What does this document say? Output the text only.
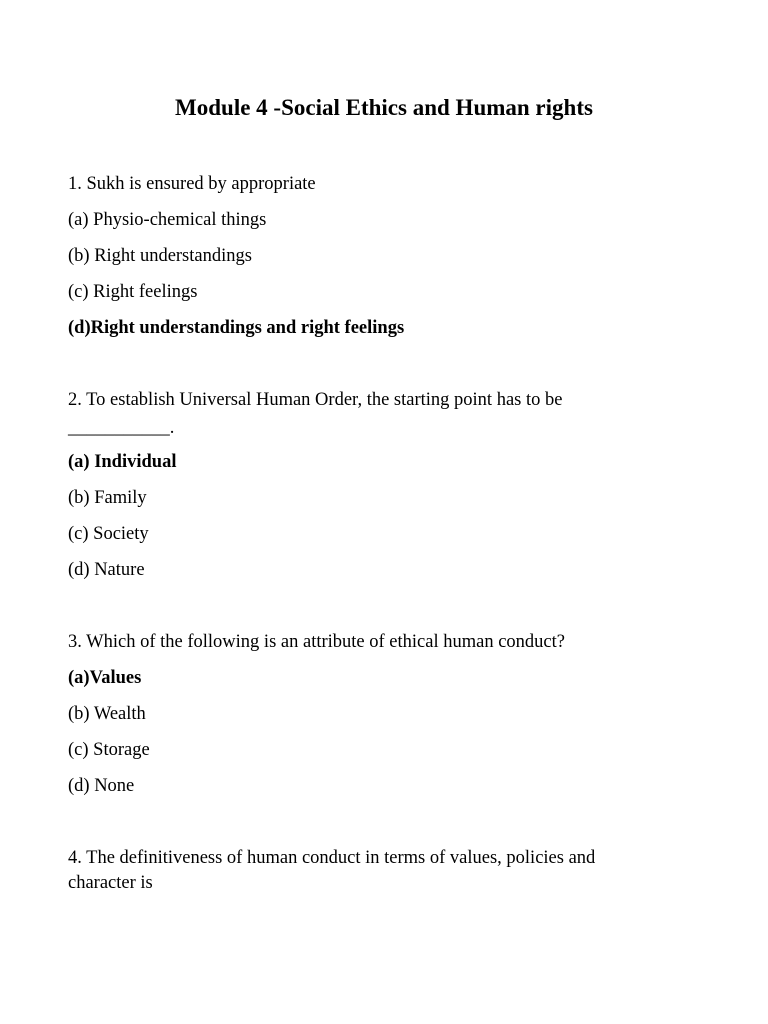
Module 4 -Social Ethics and Human rights
1. Sukh is ensured by appropriate
(a) Physio-chemical things
(b) Right understandings
(c) Right feelings
(d)Right understandings and right feelings
2. To establish Universal Human Order, the starting point has to be
___________.
(a) Individual
(b) Family
(c) Society
(d) Nature
3. Which of the following is an attribute of ethical human conduct?
(a)Values
(b) Wealth
(c) Storage
(d) None
4. The definitiveness of human conduct in terms of values, policies and
character is
